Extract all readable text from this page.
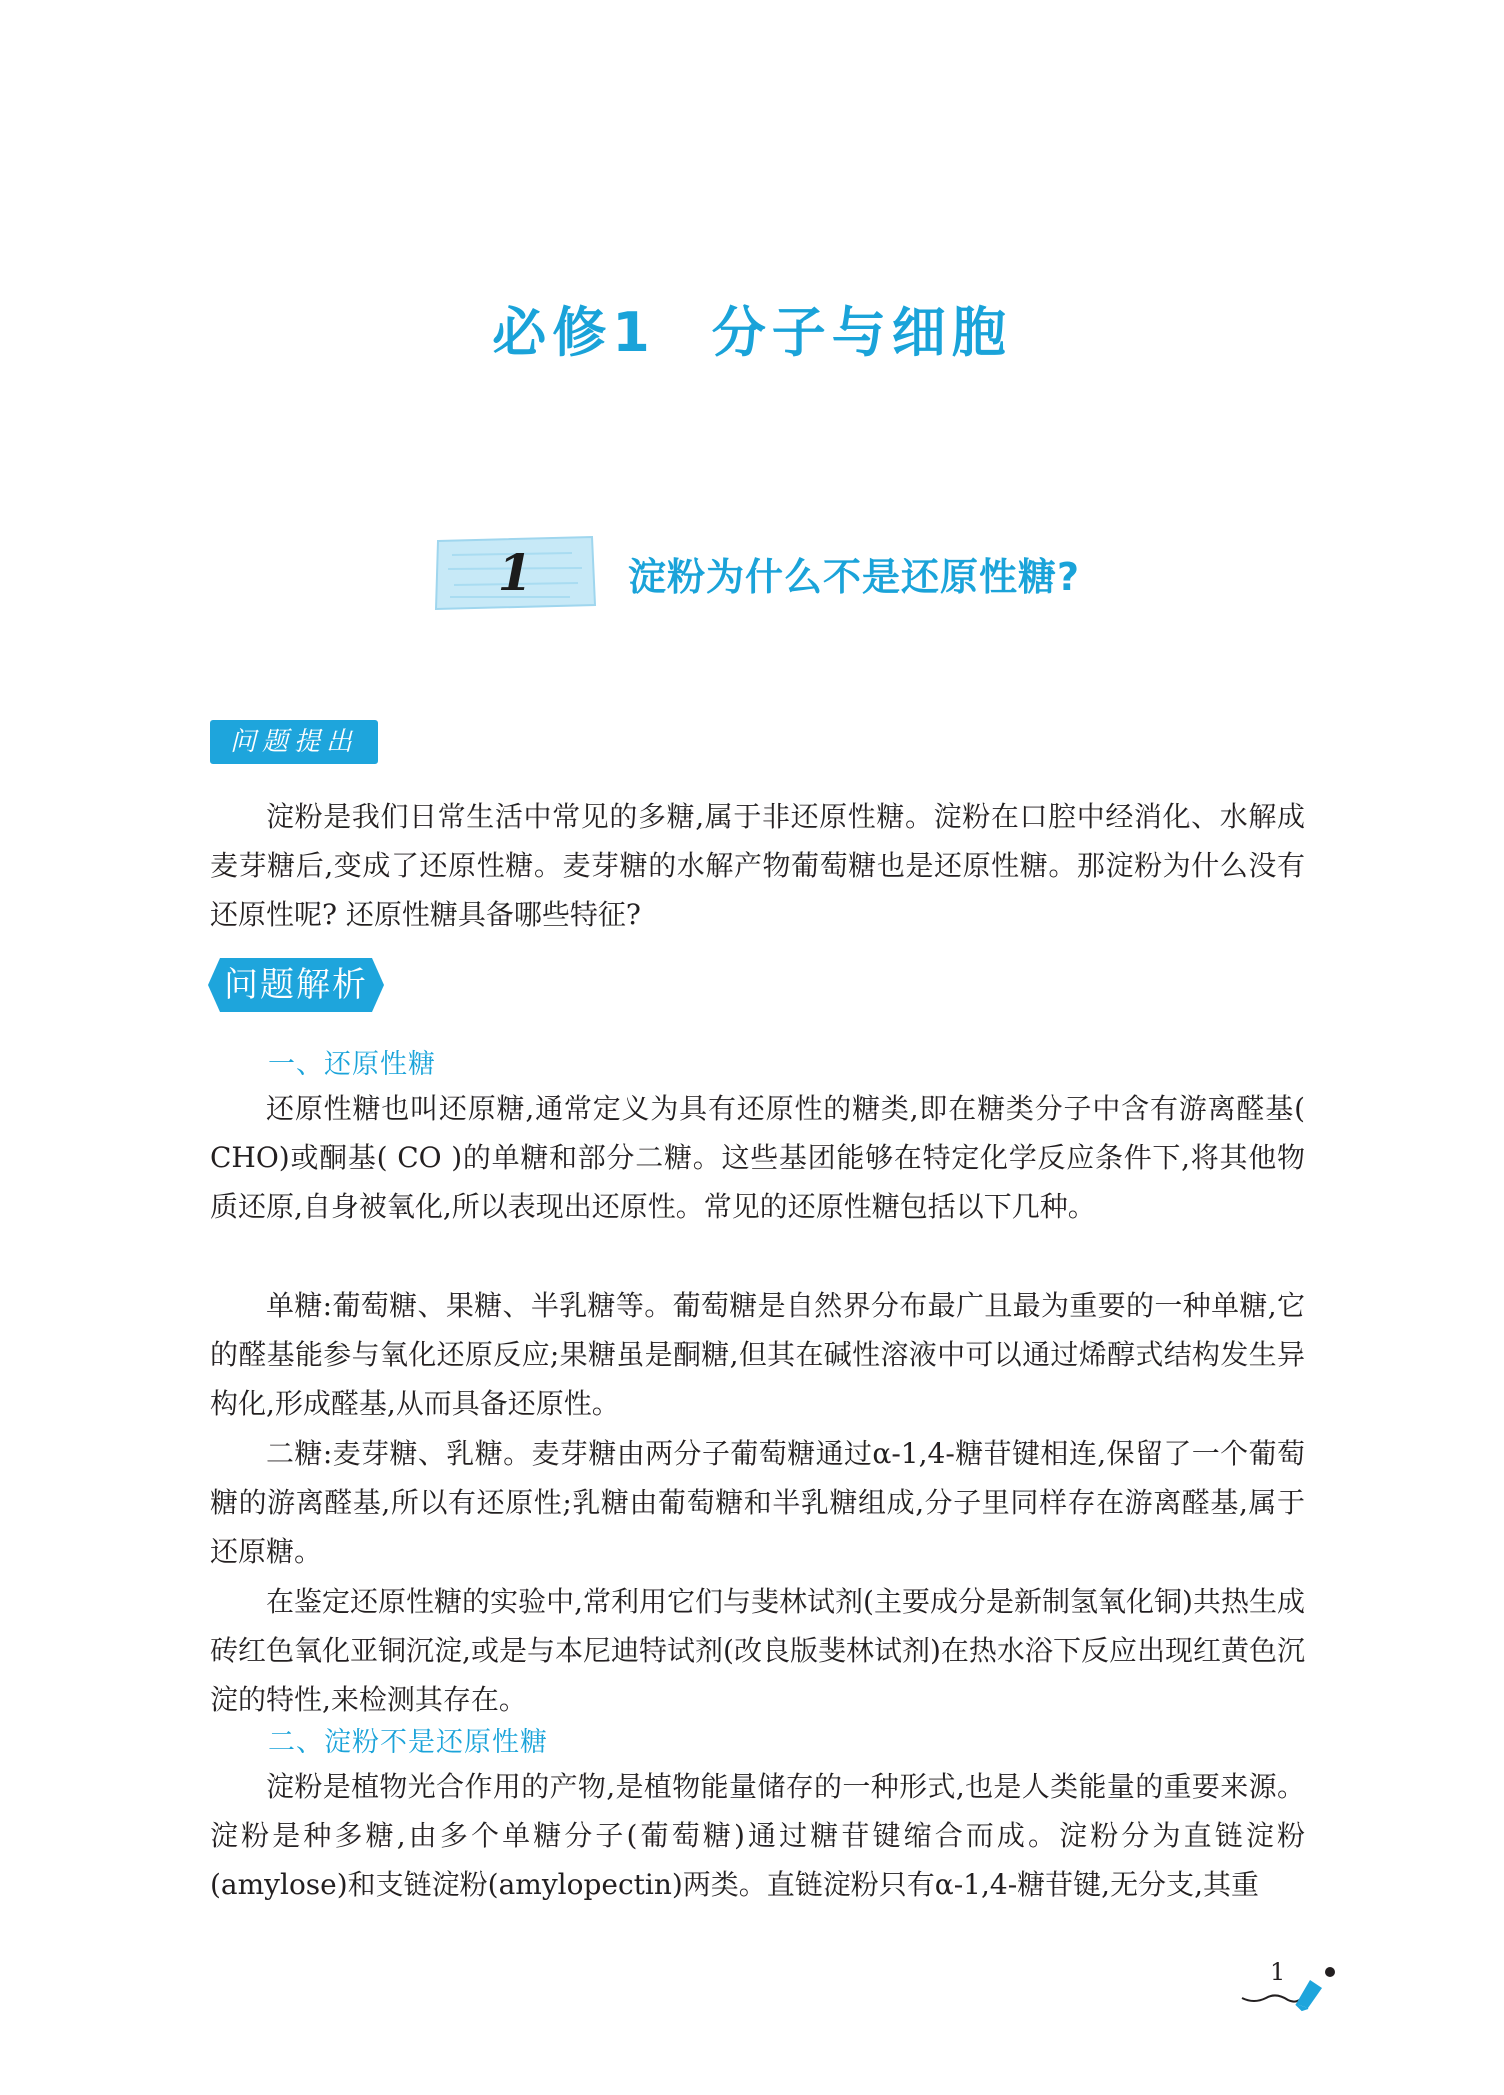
必修1 分子与细胞
1	淀粉为什么不是还原性糖?
问题提出

淀粉是我们日常生活中常见的多糖,属于非还原性糖。淀粉在口腔中经消化、水解成麦芽糖后,变成了还原性糖。麦芽糖的水解产物葡萄糖也是还原性糖。那淀粉为什么没有还原性呢? 还原性糖具备哪些特征?

问题解析
一、还原性糖

还原性糖也叫还原糖,通常定义为具有还原性的糖类,即在糖类分子中含有游离醛基( CHO)或酮基( CO )的单糖和部分二糖。这些基团能够在特定化学反应条件下,将其他物质还原,自身被氧化,所以表现出还原性。常见的还原性糖包括以下几种。

单糖:葡萄糖、果糖、半乳糖等。葡萄糖是自然界分布最广且最为重要的一种单糖,它的醛基能参与氧化还原反应;果糖虽是酮糖,但其在碱性溶液中可以通过烯醇式结构发生异构化,形成醛基,从而具备还原性。

二糖:麦芽糖、乳糖。麦芽糖由两分子葡萄糖通过α-1,4-糖苷键相连,保留了一个葡萄糖的游离醛基,所以有还原性;乳糖由葡萄糖和半乳糖组成,分子里同样存在游离醛基,属于还原糖。

在鉴定还原性糖的实验中,常利用它们与斐林试剂(主要成分是新制氢氧化铜)共热生成砖红色氧化亚铜沉淀,或是与本尼迪特试剂(改良版斐林试剂)在热水浴下反应出现红黄色沉淀的特性,来检测其存在。

二、淀粉不是还原性糖

淀粉是植物光合作用的产物,是植物能量储存的一种形式,也是人类能量的重要来源。淀粉是种多糖,由多个单糖分子(葡萄糖)通过糖苷键缩合而成。淀粉分为直链淀粉(amylose)和支链淀粉(amylopectin)两类。直链淀粉只有α-1,4-糖苷键,无分支,其重

1
